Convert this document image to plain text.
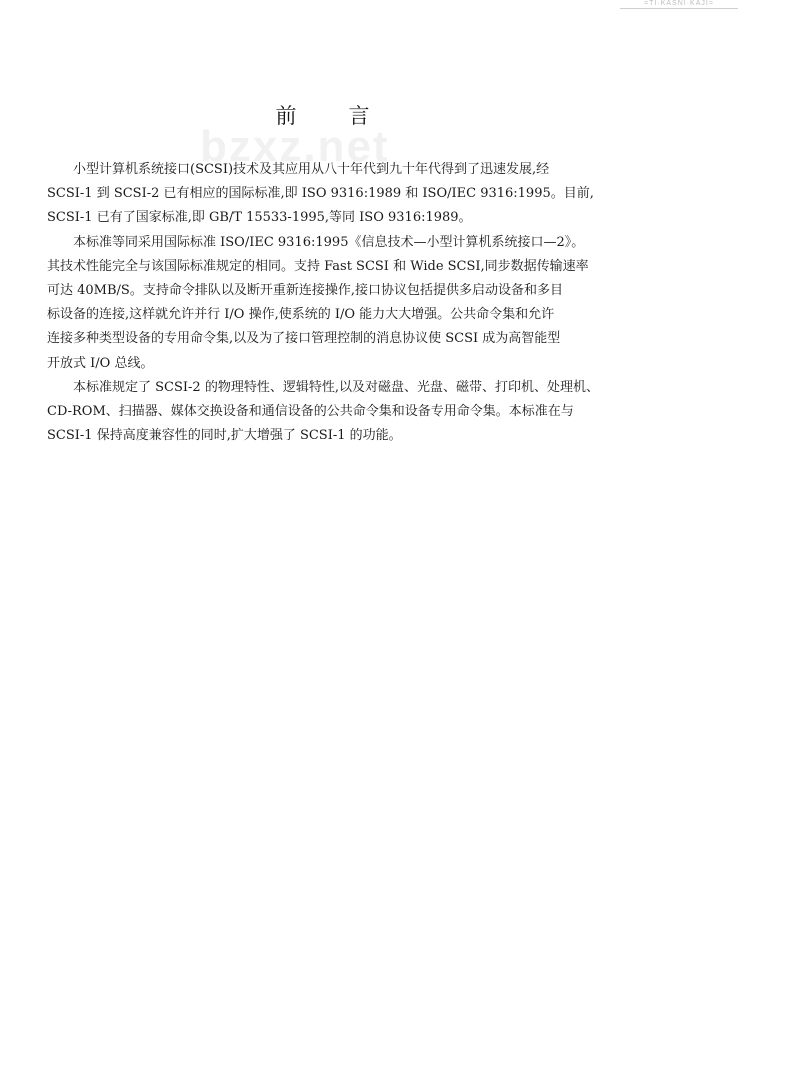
=TI·KASNI·KAJI=
bzxz.net
前言
小型计算机系统接口(SCSI)技术及其应用从八十年代到九十年代得到了迅速发展,经
SCSI-1 到 SCSI-2 已有相应的国际标准,即 ISO 9316:1989 和 ISO/IEC 9316:1995。目前,
SCSI-1 已有了国家标准,即 GB/T 15533-1995,等同 ISO 9316:1989。
本标准等同采用国际标准 ISO/IEC 9316:1995《信息技术—小型计算机系统接口—2》。
其技术性能完全与该国际标准规定的相同。支持 Fast SCSI 和 Wide SCSI,同步数据传输速率
可达 40MB/S。支持命令排队以及断开重新连接操作,接口协议包括提供多启动设备和多目
标设备的连接,这样就允许并行 I/O 操作,使系统的 I/O 能力大大增强。公共命令集和允许
连接多种类型设备的专用命令集,以及为了接口管理控制的消息协议使 SCSI 成为高智能型
开放式 I/O 总线。
本标准规定了 SCSI-2 的物理特性、逻辑特性,以及对磁盘、光盘、磁带、打印机、处理机、
CD-ROM、扫描器、媒体交换设备和通信设备的公共命令集和设备专用命令集。本标准在与
SCSI-1 保持高度兼容性的同时,扩大增强了 SCSI-1 的功能。
